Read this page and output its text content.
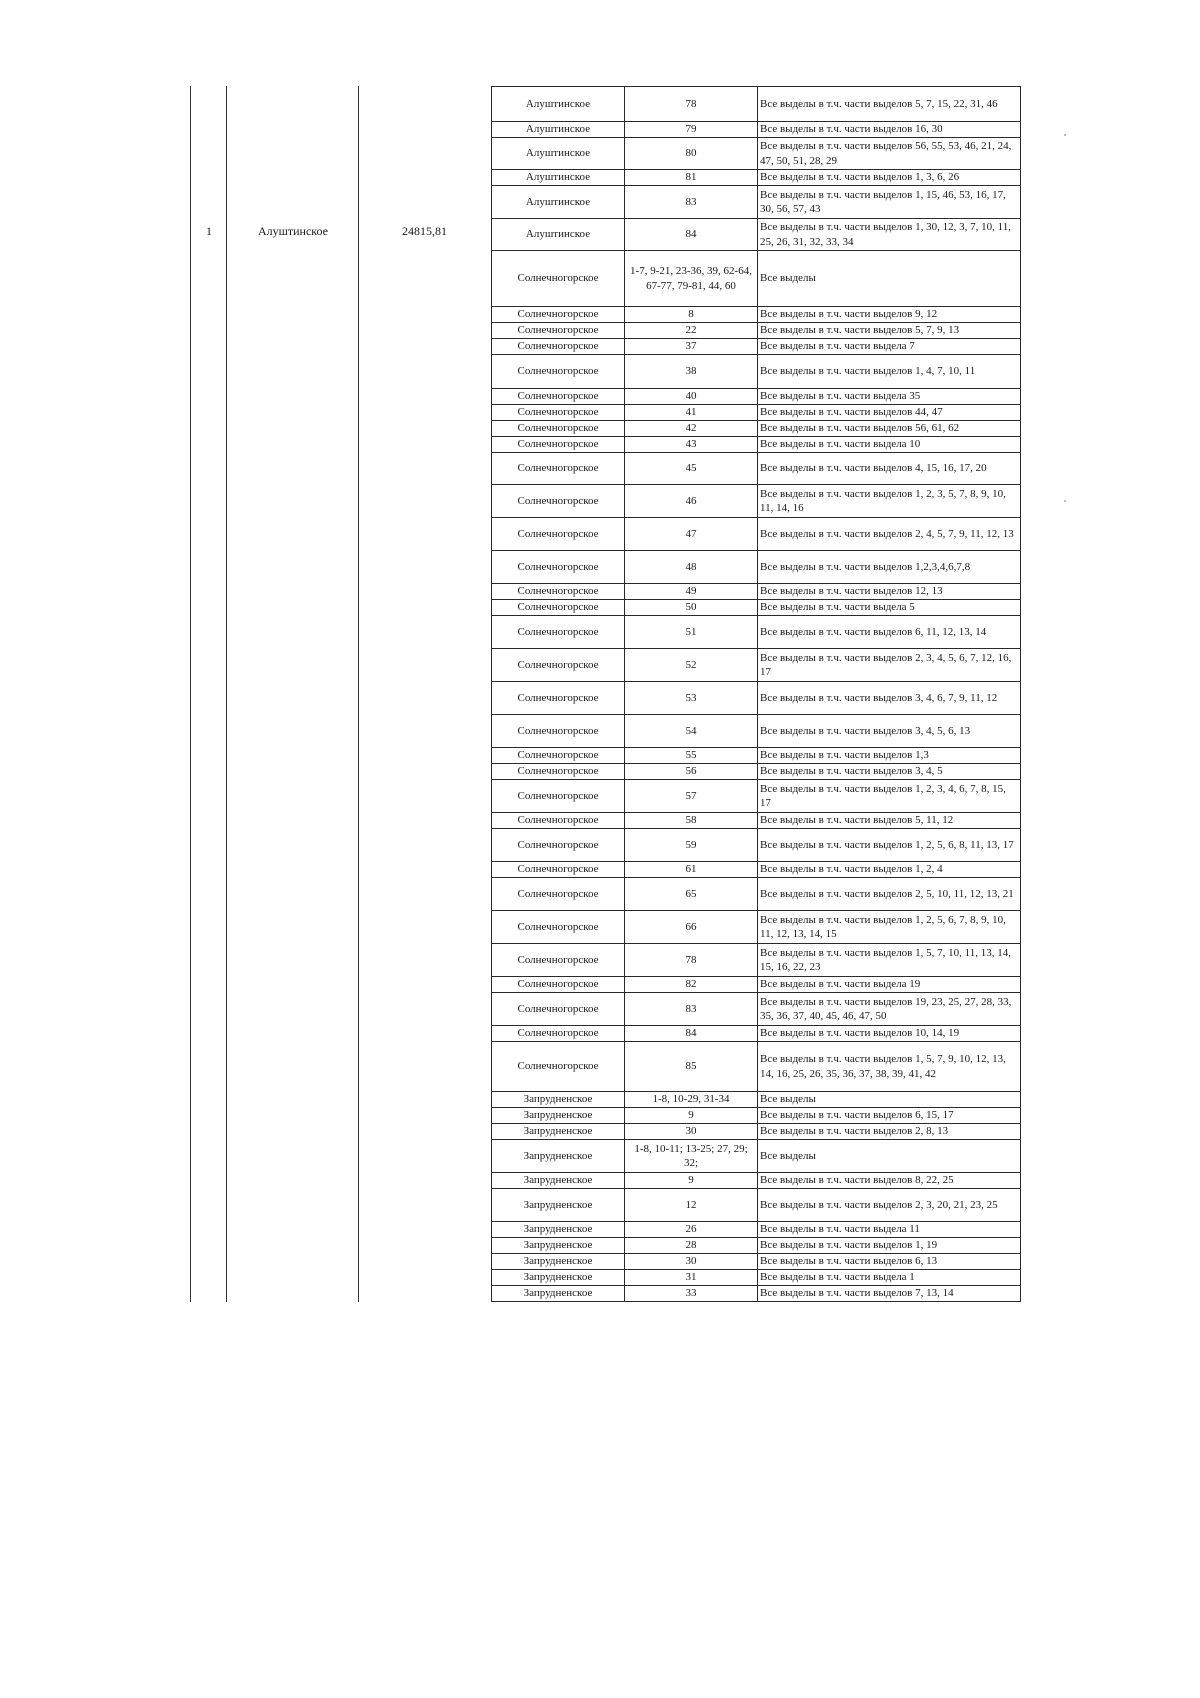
1	Алуштинское	24815,81
Алуштинское	78	Все выделы в т.ч. части выделов 5, 7, 15, 22, 31, 46
Алуштинское	79	Все выделы в т.ч. части выделов 16, 30
Алуштинское	80	Все выделы в т.ч. части выделов 56, 55, 53, 46, 21, 24, 47, 50, 51, 28, 29
Алуштинское	81	Все выделы в т.ч. части выделов 1, 3, 6, 26
Алуштинское	83	Все выделы в т.ч. части выделов 1, 15, 46, 53, 16, 17, 30, 56, 57, 43
Алуштинское	84	Все выделы в т.ч. части выделов 1, 30, 12, 3, 7, 10, 11, 25, 26, 31, 32, 33, 34
Солнечногорское	1-7, 9-21, 23-36, 39, 62-64, 67-77, 79-81, 44, 60	Все выделы
Солнечногорское	8	Все выделы в т.ч. части выделов 9, 12
Солнечногорское	22	Все выделы в т.ч. части выделов 5, 7, 9, 13
Солнечногорское	37	Все выделы в т.ч. части выдела 7
Солнечногорское	38	Все выделы в т.ч. части выделов 1, 4, 7, 10, 11
Солнечногорское	40	Все выделы в т.ч. части выдела 35
Солнечногорское	41	Все выделы в т.ч. части выделов 44, 47
Солнечногорское	42	Все выделы в т.ч. части выделов 56, 61, 62
Солнечногорское	43	Все выделы в т.ч. части выдела 10
Солнечногорское	45	Все выделы в т.ч. части выделов 4, 15, 16, 17, 20
Солнечногорское	46	Все выделы в т.ч. части выделов 1, 2, 3, 5, 7, 8, 9, 10, 11, 14, 16
Солнечногорское	47	Все выделы в т.ч. части выделов 2, 4, 5, 7, 9, 11, 12, 13
Солнечногорское	48	Все выделы в т.ч. части выделов 1,2,3,4,6,7,8
Солнечногорское	49	Все выделы в т.ч. части выделов 12, 13
Солнечногорское	50	Все выделы в т.ч. части выдела 5
Солнечногорское	51	Все выделы в т.ч. части выделов 6, 11, 12, 13, 14
Солнечногорское	52	Все выделы в т.ч. части выделов 2, 3, 4, 5, 6, 7, 12, 16, 17
Солнечногорское	53	Все выделы в т.ч. части выделов 3, 4, 6, 7, 9, 11, 12
Солнечногорское	54	Все выделы в т.ч. части выделов 3, 4, 5, 6, 13
Солнечногорское	55	Все выделы в т.ч. части выделов 1,3
Солнечногорское	56	Все выделы в т.ч. части выделов 3, 4, 5
Солнечногорское	57	Все выделы в т.ч. части выделов 1, 2, 3, 4, 6, 7, 8, 15, 17
Солнечногорское	58	Все выделы в т.ч. части выделов 5, 11, 12
Солнечногорское	59	Все выделы в т.ч. части выделов 1, 2, 5, 6, 8, 11, 13, 17
Солнечногорское	61	Все выделы в т.ч. части выделов 1, 2, 4
Солнечногорское	65	Все выделы в т.ч. части выделов 2, 5, 10, 11, 12, 13, 21
Солнечногорское	66	Все выделы в т.ч. части выделов 1, 2, 5, 6, 7, 8, 9, 10, 11, 12, 13, 14, 15
Солнечногорское	78	Все выделы в т.ч. части выделов 1, 5, 7, 10, 11, 13, 14, 15, 16, 22, 23
Солнечногорское	82	Все выделы в т.ч. части выдела 19
Солнечногорское	83	Все выделы в т.ч. части выделов 19, 23, 25, 27, 28, 33, 35, 36, 37, 40, 45, 46, 47, 50
Солнечногорское	84	Все выделы в т.ч. части выделов 10, 14, 19
Солнечногорское	85	Все выделы в т.ч. части выделов 1, 5, 7, 9, 10, 12, 13, 14, 16, 25, 26, 35, 36, 37, 38, 39, 41, 42
Запрудненское	1-8, 10-29, 31-34	Все выделы
Запрудненское	9	Все выделы в т.ч. части выделов 6, 15, 17
Запрудненское	30	Все выделы в т.ч. части выделов 2, 8, 13
Запрудненское	1-8, 10-11; 13-25; 27, 29; 32;	Все выделы
Запрудненское	9	Все выделы в т.ч. части выделов 8, 22, 25
Запрудненское	12	Все выделы в т.ч. части выделов 2, 3, 20, 21, 23, 25
Запрудненское	26	Все выделы в т.ч. части выдела 11
Запрудненское	28	Все выделы в т.ч. части выделов 1, 19
Запрудненское	30	Все выделы в т.ч. части выделов 6, 13
Запрудненское	31	Все выделы в т.ч. части выдела 1
Запрудненское	33	Все выделы в т.ч. части выделов 7, 13, 14
